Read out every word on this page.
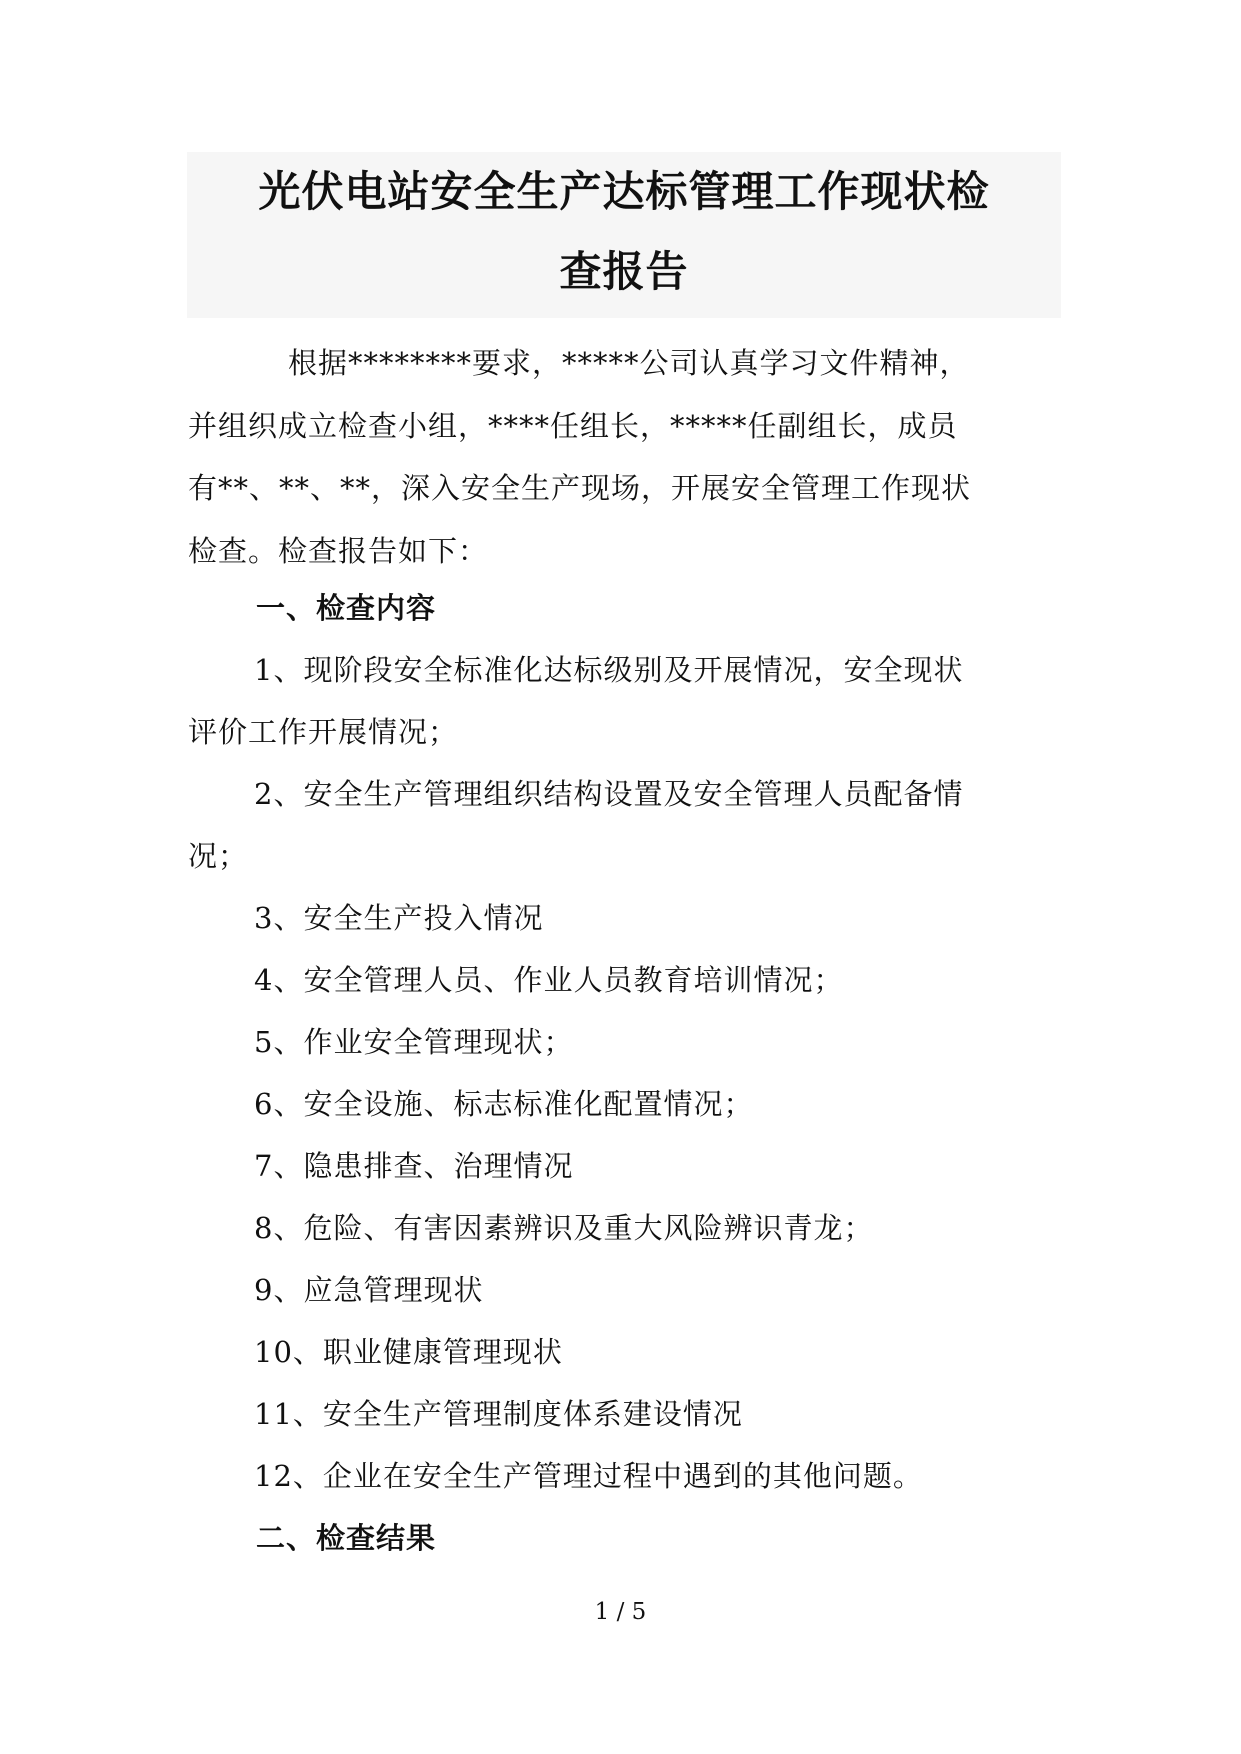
光伏电站安全生产达标管理工作现状检
查报告
根据********要求，*****公司认真学习文件精神，
并组织成立检查小组，****任组长，*****任副组长，成员
有**、**、**，深入安全生产现场，开展安全管理工作现状
检查。检查报告如下：
一、检查内容
1、现阶段安全标准化达标级别及开展情况，安全现状
评价工作开展情况；
2、安全生产管理组织结构设置及安全管理人员配备情
况；
3、安全生产投入情况
4、安全管理人员、作业人员教育培训情况；
5、作业安全管理现状；
6、安全设施、标志标准化配置情况；
7、隐患排查、治理情况
8、危险、有害因素辨识及重大风险辨识青龙；
9、应急管理现状
10、职业健康管理现状
11、安全生产管理制度体系建设情况
12、企业在安全生产管理过程中遇到的其他问题。
二、检查结果
1 / 5
